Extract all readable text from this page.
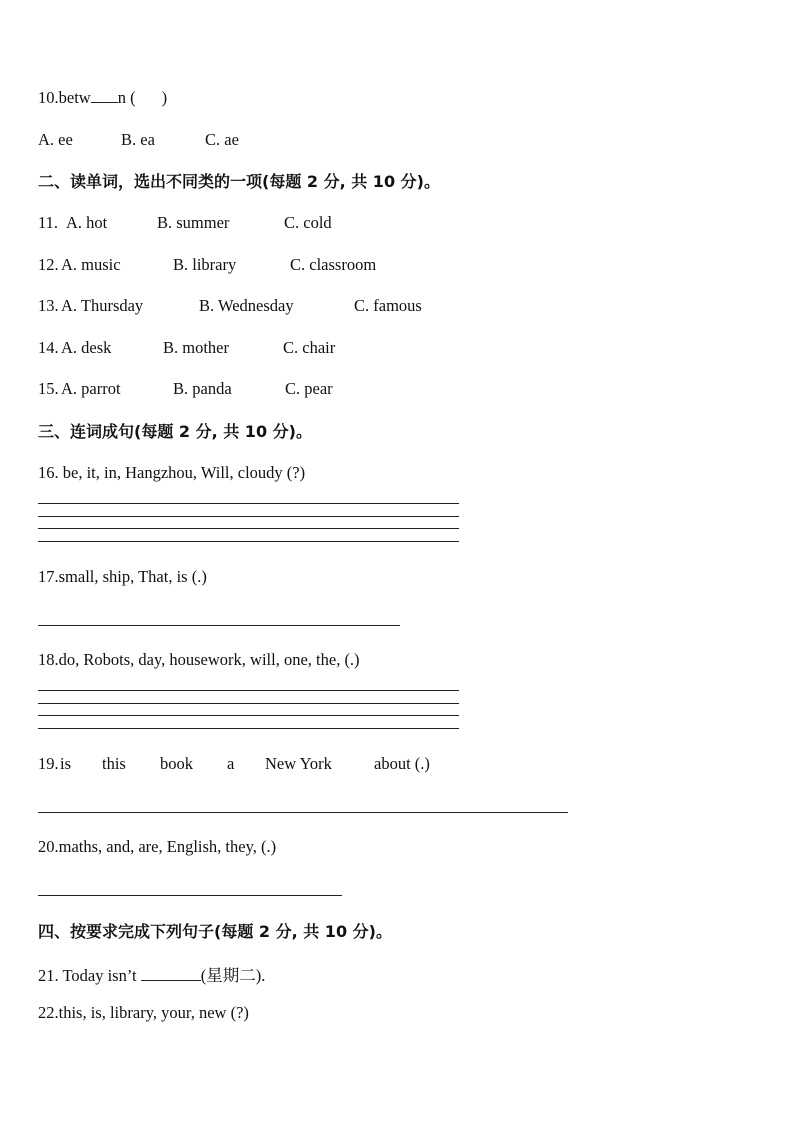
10.betw n ( )
A. ee	B. ea	C. ae
二、读单词，选出不同类的一项(每题 2 分, 共 10 分)。
11. A. hot	B. summer	C. cold
12. A. music	B. library	C. classroom
13. A. Thursday	B. Wednesday	C. famous
14. A. desk	B. mother	C. chair
15. A. parrot	B. panda	C. pear
三、连词成句(每题 2 分, 共 10 分)。
16. be, it, in, Hangzhou, Will, cloudy (?)
17.small, ship, That, is (.)
18.do, Robots, day, housework, will, one, the, (.)
19. is this book a New York	about (.)
20.maths, and, are, English, they, (.)
四、按要求完成下列句子(每题 2 分, 共 10 分)。
21. Today isn’t	(星期二).
22.this, is, library, your, new (?)
